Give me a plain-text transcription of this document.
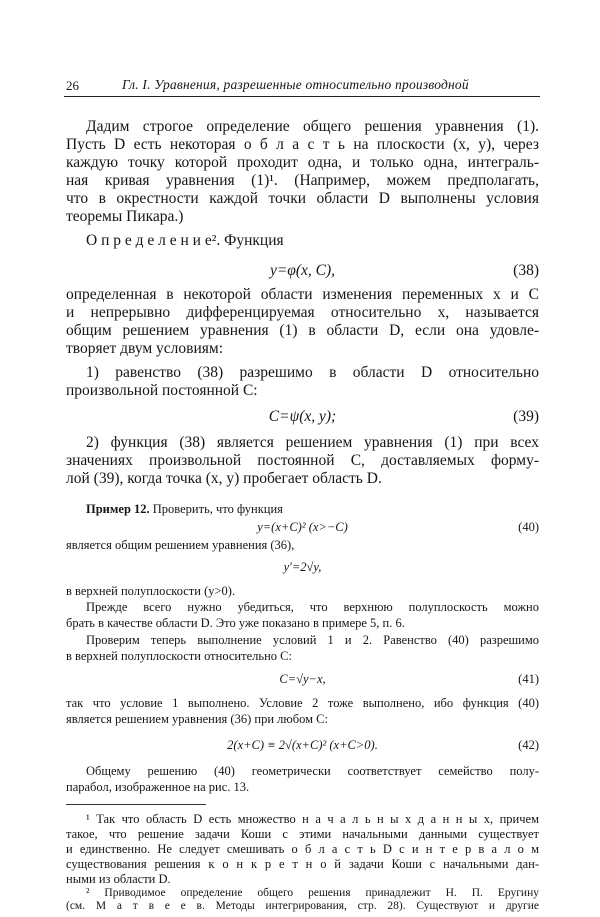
26	Гл. I. Уравнения, разрешенные относительно производной
Дадим строгое определение общего решения уравнения (1).
Пусть D есть некоторая о б л а с т ь на плоскости (x, y), через
каждую точку которой проходит одна, и только одна, интеграль-
ная кривая уравнения (1)¹. (Например, можем предполагать,
что в окрестности каждой точки области D выполнены условия
теоремы Пикара.)
О п р е д е л е н и е². Функция
y=φ(x, C),	(38)
определенная в некоторой области изменения переменных x и C
и непрерывно дифференцируемая относительно x, называется
общим решением уравнения (1) в области D, если она удовле-
творяет двум условиям:
1) равенство (38) разрешимо в области D относительно
произвольной постоянной C:
C=ψ(x, y);	(39)
2) функция (38) является решением уравнения (1) при всех
значениях произвольной постоянной C, доставляемых форму-
лой (39), когда точка (x, y) пробегает область D.
Пример 12. Проверить, что функция
y=(x+C)² (x>−C)	(40)
является общим решением уравнения (36),
y′=2√y,
в верхней полуплоскости (y>0).
Прежде всего нужно убедиться, что верхнюю полуплоскость можно
брать в качестве области D. Это уже показано в примере 5, п. 6.
Проверим теперь выполнение условий 1 и 2. Равенство (40) разрешимо
в верхней полуплоскости относительно C:
C=√y−x,	(41)
так что условие 1 выполнено. Условие 2 тоже выполнено, ибо функция (40)
является решением уравнения (36) при любом C:
2(x+C) ≡ 2√(x+C)² (x+C>0).	(42)
Общему решению (40) геометрически соответствует семейство полу-
парабол, изображенное на рис. 13.
¹ Так что область D есть множество н а ч а л ь н ы х д а н н ы х, причем
такое, что решение задачи Коши с этими начальными данными существует
и единственно. Не следует смешивать о б л а с т ь D с и н т е р в а л о м
существования решения к о н к р е т н о й задачи Коши с начальными дан-
ными из области D.
² Приводимое определение общего решения принадлежит Н. П. Еругину
(см. М а т в е е в. Методы интегрирования, стр. 28). Существуют и другие
